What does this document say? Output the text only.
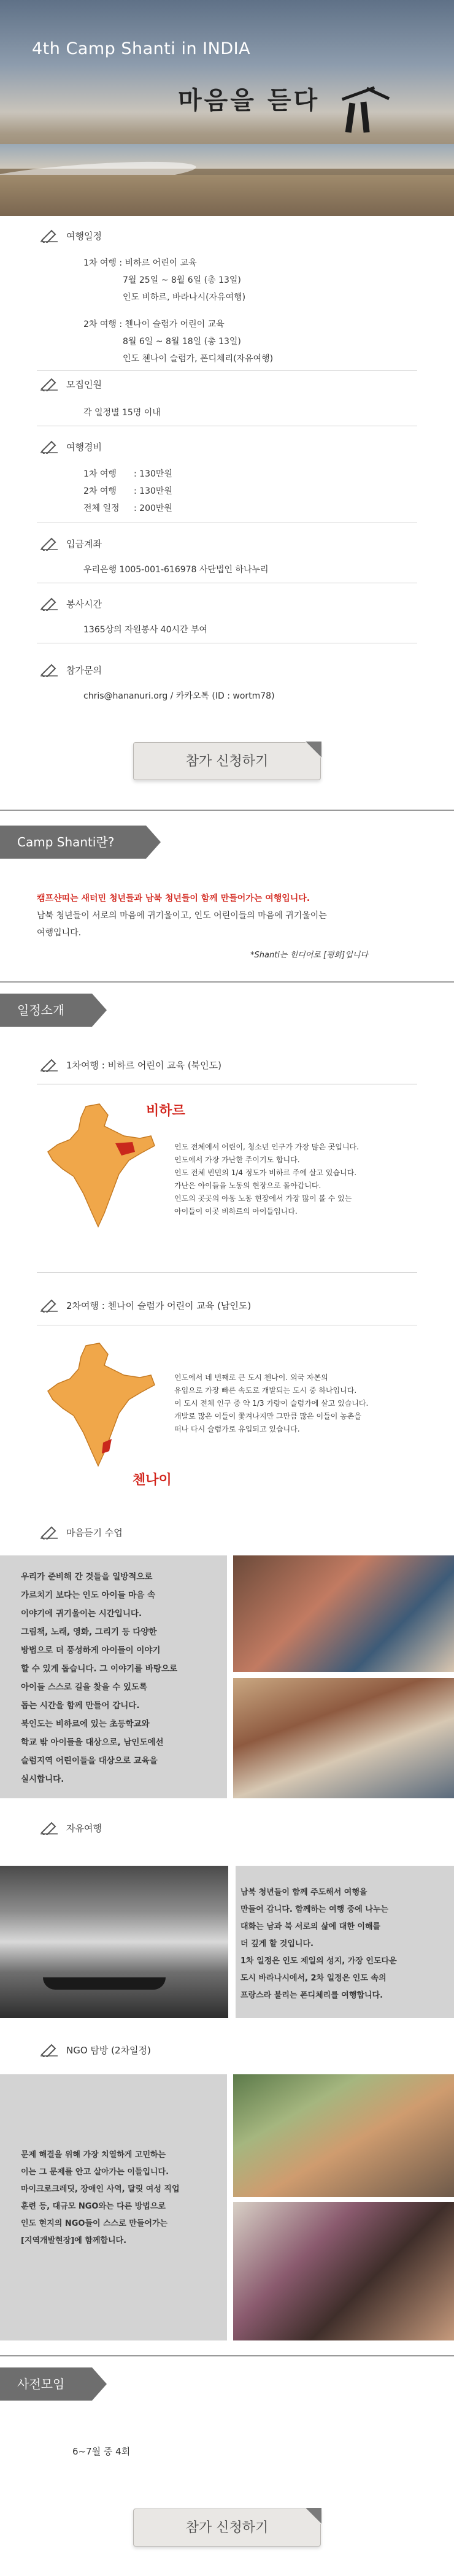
4th Camp Shanti in INDIA
마음을 듣다
여행일정
1차 여행 : 비하르 어린이 교육
7월 25일 ~ 8월 6일 (총 13일)
인도 비하르, 바라나시(자유여행)
2차 여행 : 첸나이 슬럼가 어린이 교육
8월 6일 ~ 8월 18일 (총 13일)
인도 첸나이 슬럼가, 폰디체리(자유여행)
모집인원
각 일정별 15명 이내
여행경비
1차 여행 : 130만원
2차 여행 : 130만원
전체 일정 : 200만원
입금계좌
우리은행 1005-001-616978 사단법인 하나누리
봉사시간
1365상의 자원봉사 40시간 부여
참가문의
chris@hananuri.org / 카카오톡 (ID : wortm78)
참가 신청하기
Camp Shanti란?
캠프샨띠는 새터민 청년들과 남북 청년들이 함께 만들어가는 여행입니다.
남북 청년들이 서로의 마음에 귀기울이고, 인도 어린이들의 마음에 귀기울이는
여행입니다.
*Shanti는 힌디어로 [평화]입니다
일정소개
1차여행 : 비하르 어린이 교육 (북인도)
비하르
인도 전체에서 어린이, 청소년 인구가 가장 많은 곳입니다.
인도에서 가장 가난한 주이기도 합니다.
인도 전체 빈민의 1/4 정도가 비하르 주에 살고 있습니다.
가난은 아이들을 노동의 현장으로 몰아갑니다.
인도의 곳곳의 아동 노동 현장에서 가장 많이 볼 수 있는
아이들이 이곳 비하르의 아이들입니다.
2차여행 : 첸나이 슬럼가 어린이 교육 (남인도)
첸나이
인도에서 네 번째로 큰 도시 첸나이. 외국 자본의
유입으로 가장 빠른 속도로 개발되는 도시 중 하나입니다.
이 도시 전체 인구 중 약 1/3 가량이 슬럼가에 살고 있습니다.
개발로 많은 이들이 쫓겨나지만 그만큼 많은 이들이 농촌을
떠나 다시 슬럼가로 유입되고 있습니다.
마음듣기 수업
우리가 준비해 간 것들을 일방적으로
가르치기 보다는 인도 아이들 마음 속
이야기에 귀기울이는 시간입니다.
그림책, 노래, 영화, 그리기 등 다양한
방법으로 더 풍성하게 아이들이 이야기
할 수 있게 돕습니다. 그 이야기를 바탕으로
아이들 스스로 길을 찾을 수 있도록
돕는 시간을 함께 만들어 갑니다.
북인도는 비하르에 있는 초등학교와
학교 밖 아이들을 대상으로, 남인도에선
슬럼지역 어린이들을 대상으로 교육을
실시합니다.
자유여행
남북 청년들이 함께 주도해서 여행을
만들어 갑니다. 함께하는 여행 중에 나누는
대화는 남과 북 서로의 삶에 대한 이해를
더 깊게 할 것입니다.
1차 일정은 인도 제일의 성지, 가장 인도다운
도시 바라나시에서, 2차 일정은 인도 속의
프랑스라 불리는 폰디체리를 여행합니다.
NGO 탐방 (2차일정)
문제 해결을 위해 가장 치열하게 고민하는
이는 그 문제를 안고 살아가는 이들입니다.
마이크로크레딧, 장애인 사역, 달릿 여성 직업
훈련 등, 대규모 NGO와는 다른 방법으로
인도 현지의 NGO들이 스스로 만들어가는
[지역개발현장]에 함께합니다.
사전모임
6~7월 중 4회
참가 신청하기
